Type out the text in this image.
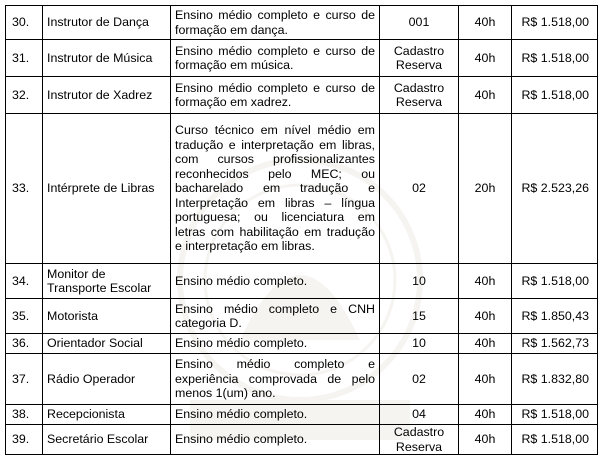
30.	Instrutor de Dança	Ensino médio completo e curso de formação em dança.	001	40h	R$ 1.518,00
31.	Instrutor de Música	Ensino médio completo e curso de formação em música.	Cadastro Reserva	40h	R$ 1.518,00
32.	Instrutor de Xadrez	Ensino médio completo e curso de formação em xadrez.	Cadastro Reserva	40h	R$ 1.518,00
33.	Intérprete de Libras	Curso técnico em nível médio em tradução e interpretação em libras, com cursos profissionalizantes reconhecidos pelo MEC; ou bacharelado em tradução e Interpretação em libras – língua portuguesa; ou licenciatura em letras com habilitação em tradução e interpretação em libras.	02	20h	R$ 2.523,26
34.	Monitor de Transporte Escolar	Ensino médio completo.	10	40h	R$ 1.518,00
35.	Motorista	Ensino médio completo e CNH categoria D.	15	40h	R$ 1.850,43
36.	Orientador Social	Ensino médio completo.	10	40h	R$ 1.562,73
37.	Rádio Operador	Ensino médio completo e experiência comprovada de pelo menos 1(um) ano.	02	40h	R$ 1.832,80
38.	Recepcionista	Ensino médio completo.	04	40h	R$ 1.518,00
39.	Secretário Escolar	Ensino médio completo.	Cadastro Reserva	40h	R$ 1.518,00
